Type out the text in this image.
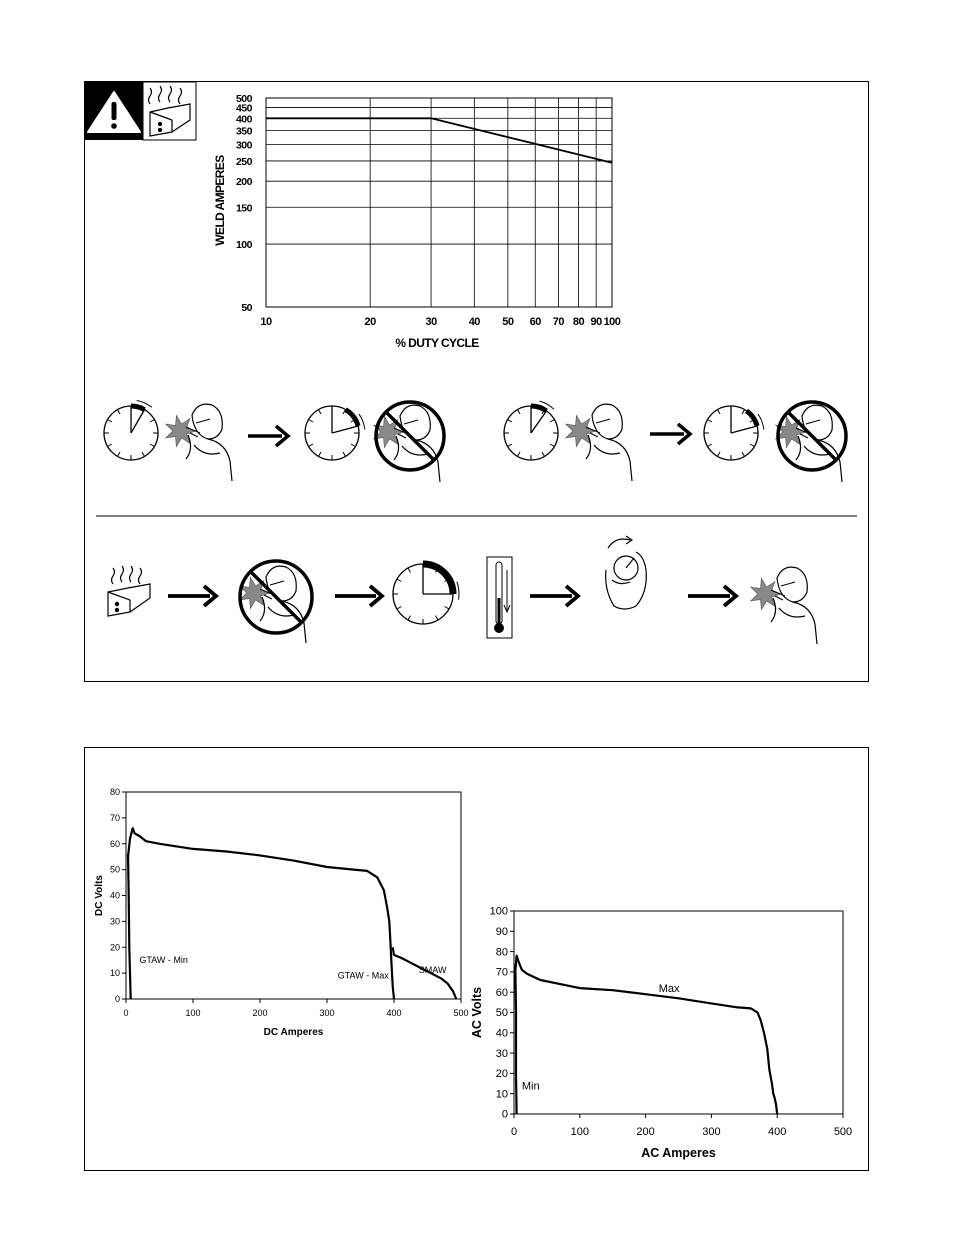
10	20	30	40 50 60 70 80 90 100
50
100
150
200
250
300
350
400
450
500
% DUTY CYCLE
WELD AMPERES
0	100	200	300	400	500
0
10
20
30
40
50
60
70
80
DC Amperes
DC Volts
GTAW - Min
GTAW - Max
SMAW
0	100	200	300	400	500
0
10
20
30
40
50
60
70
80
90
100
AC Amperes
AC Volts
Min
Max
